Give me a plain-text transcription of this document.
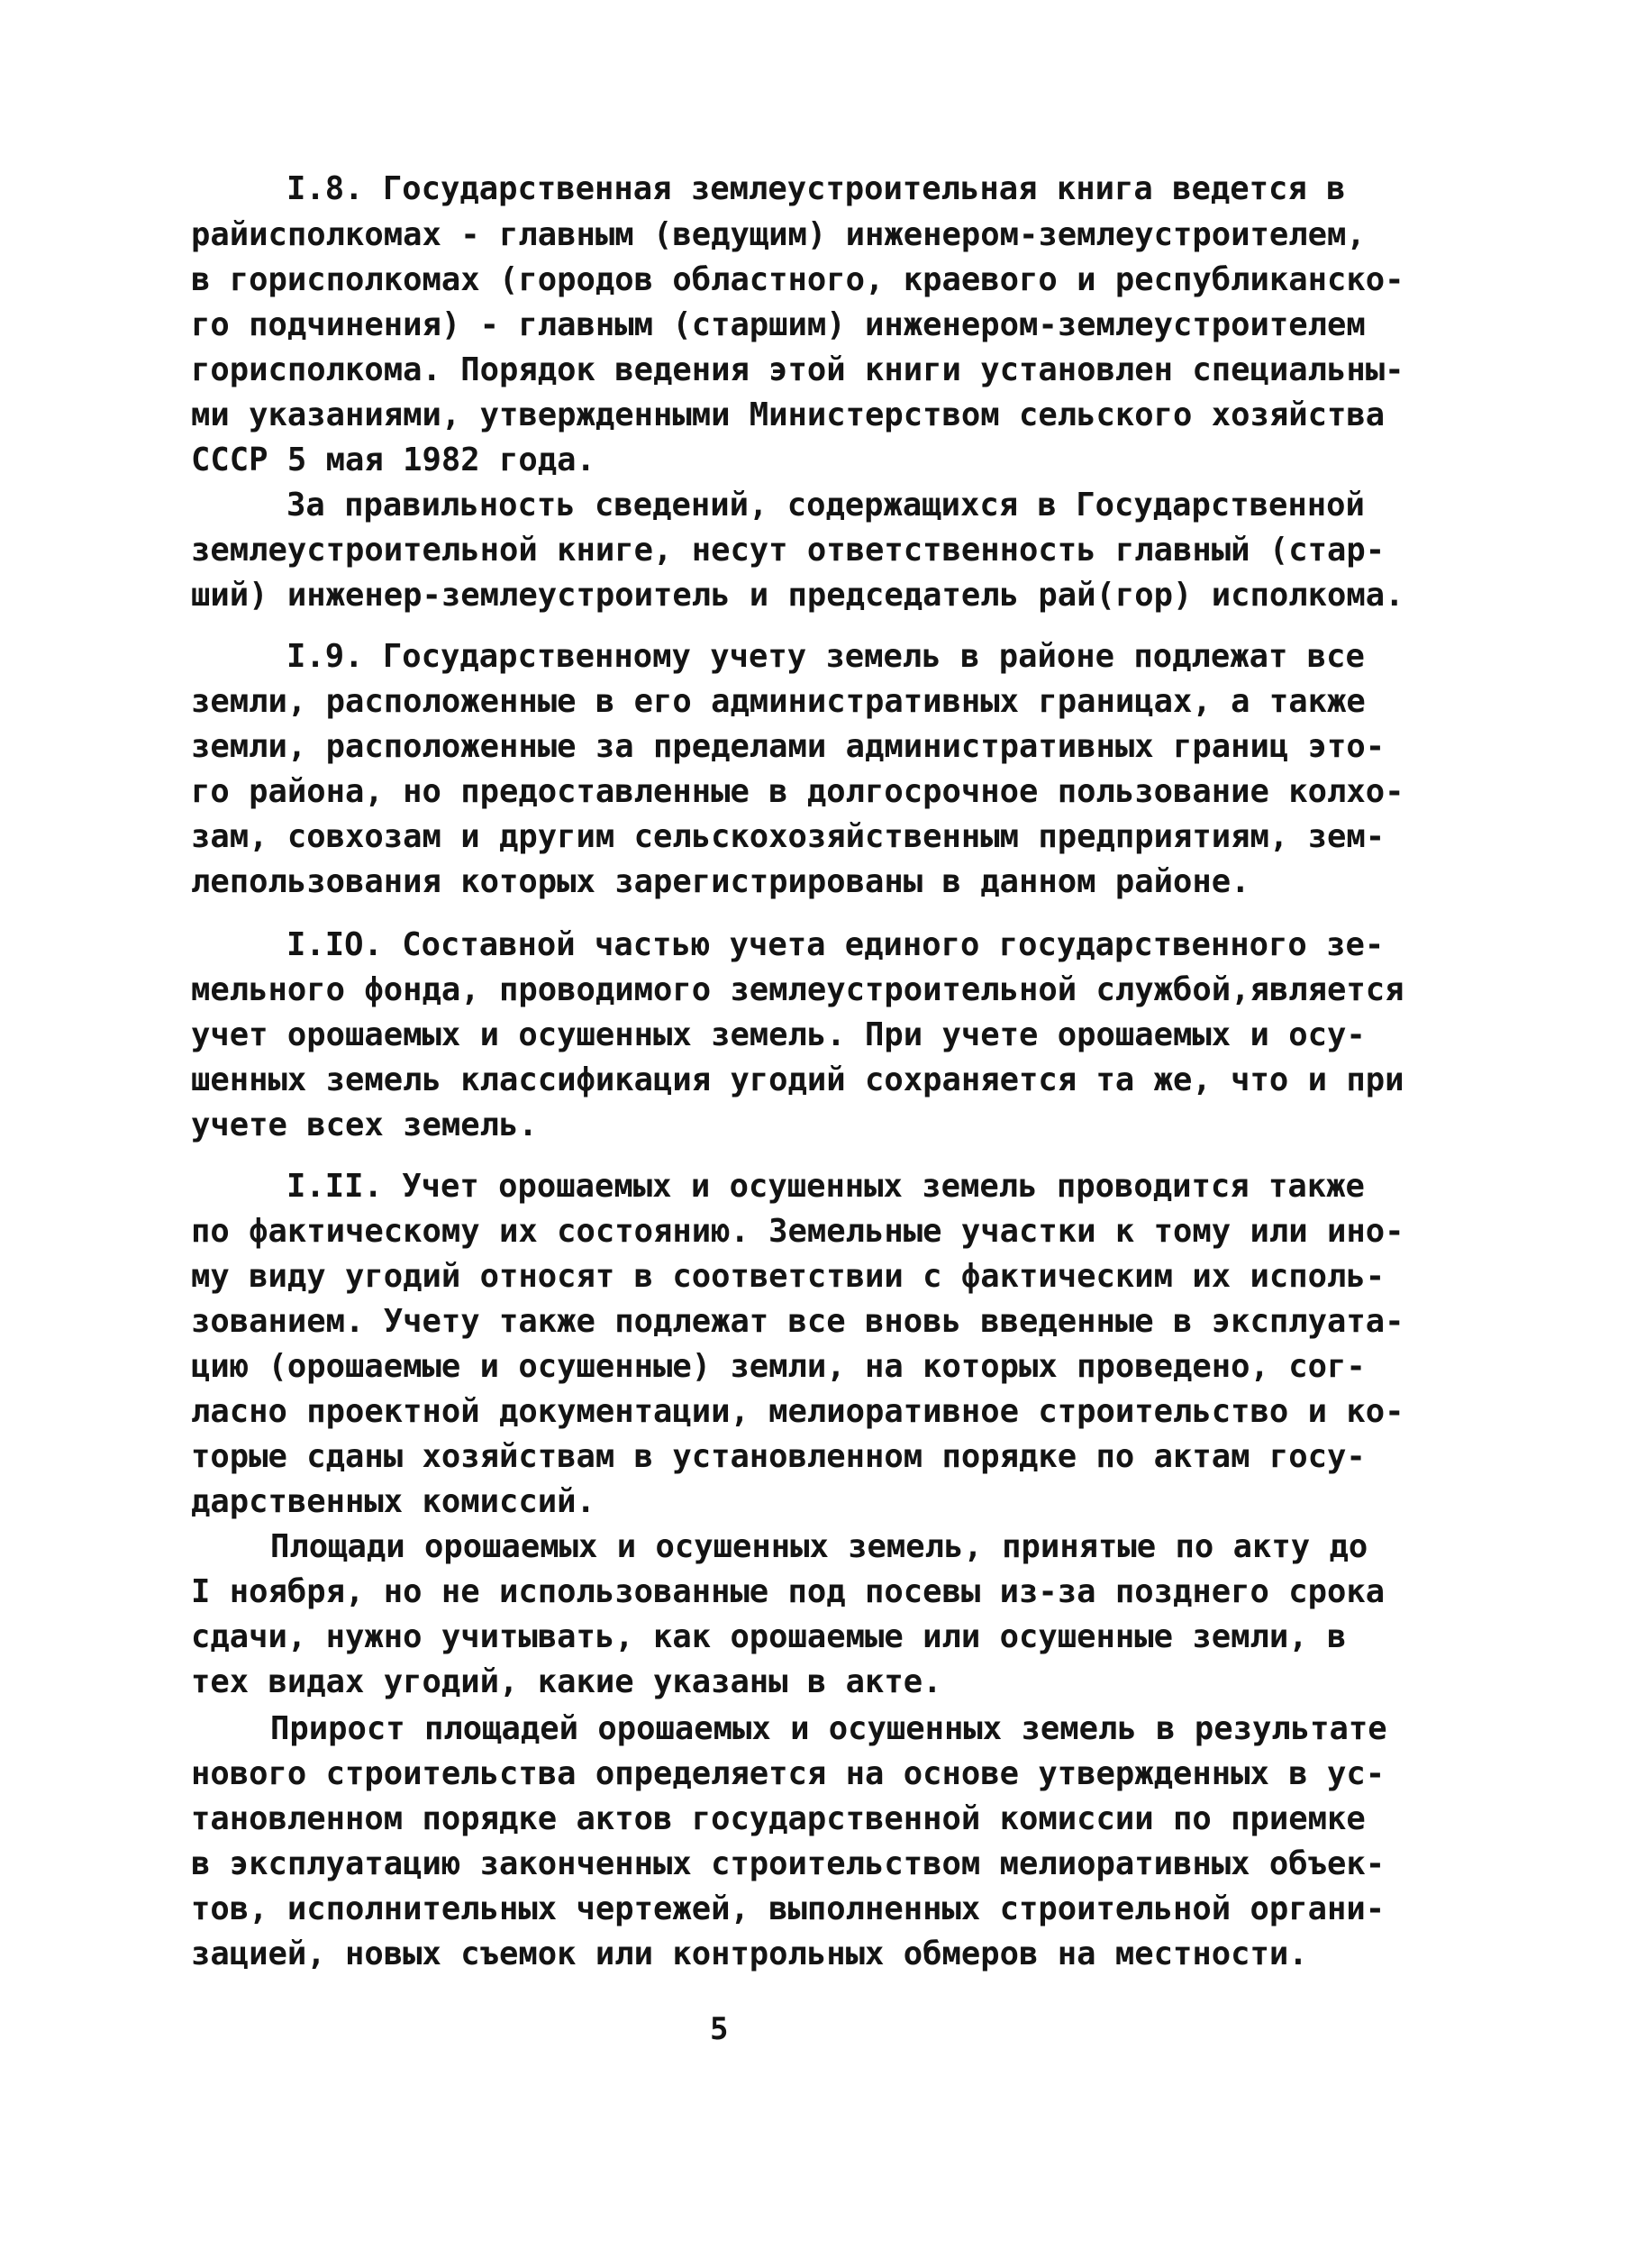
I.8. Государственная землеустроительная книга ведется в
райисполкомах - главным (ведущим) инженером-землеустроителем,
в горисполкомах (городов областного, краевого и республиканско-
го подчинения) - главным (старшим) инженером-землеустроителем
горисполкома. Порядок ведения этой книги установлен специальны-
ми указаниями, утвержденными Министерством сельского хозяйства
СССР 5 мая 1982 года.
За правильность сведений, содержащихся в Государственной
землеустроительной книге, несут ответственность главный (стар-
ший) инженер-землеустроитель и председатель рай(гор) исполкома.
I.9. Государственному учету земель в районе подлежат все
земли, расположенные в его административных границах, а также
земли, расположенные за пределами административных границ это-
го района, но предоставленные в долгосрочное пользование колхо-
зам, совхозам и другим сельскохозяйственным предприятиям, зем-
лепользования которых зарегистрированы в данном районе.
I.IO. Составной частью учета единого государственного зе-
мельного фонда, проводимого землеустроительной службой,является
учет орошаемых и осушенных земель. При учете орошаемых и осу-
шенных земель классификация угодий сохраняется та же, что и при
учете всех земель.
I.II. Учет орошаемых и осушенных земель проводится также
по фактическому их состоянию. Земельные участки к тому или ино-
му виду угодий относят в соответствии с фактическим их исполь-
зованием. Учету также подлежат все вновь введенные в эксплуата-
цию (орошаемые и осушенные) земли, на которых проведено, сог-
ласно проектной документации, мелиоративное строительство и ко-
торые сданы хозяйствам в установленном порядке по актам госу-
дарственных комиссий.
Площади орошаемых и осушенных земель, принятые по акту до
I ноября, но не использованные под посевы из-за позднего срока
сдачи, нужно учитывать, как орошаемые или осушенные земли, в
тех видах угодий, какие указаны в акте.
Прирост площадей орошаемых и осушенных земель в результате
нового строительства определяется на основе утвержденных в ус-
тановленном порядке актов государственной комиссии по приемке
в эксплуатацию законченных строительством мелиоративных объек-
тов, исполнительных чертежей, выполненных строительной органи-
зацией, новых съемок или контрольных обмеров на местности.
5
